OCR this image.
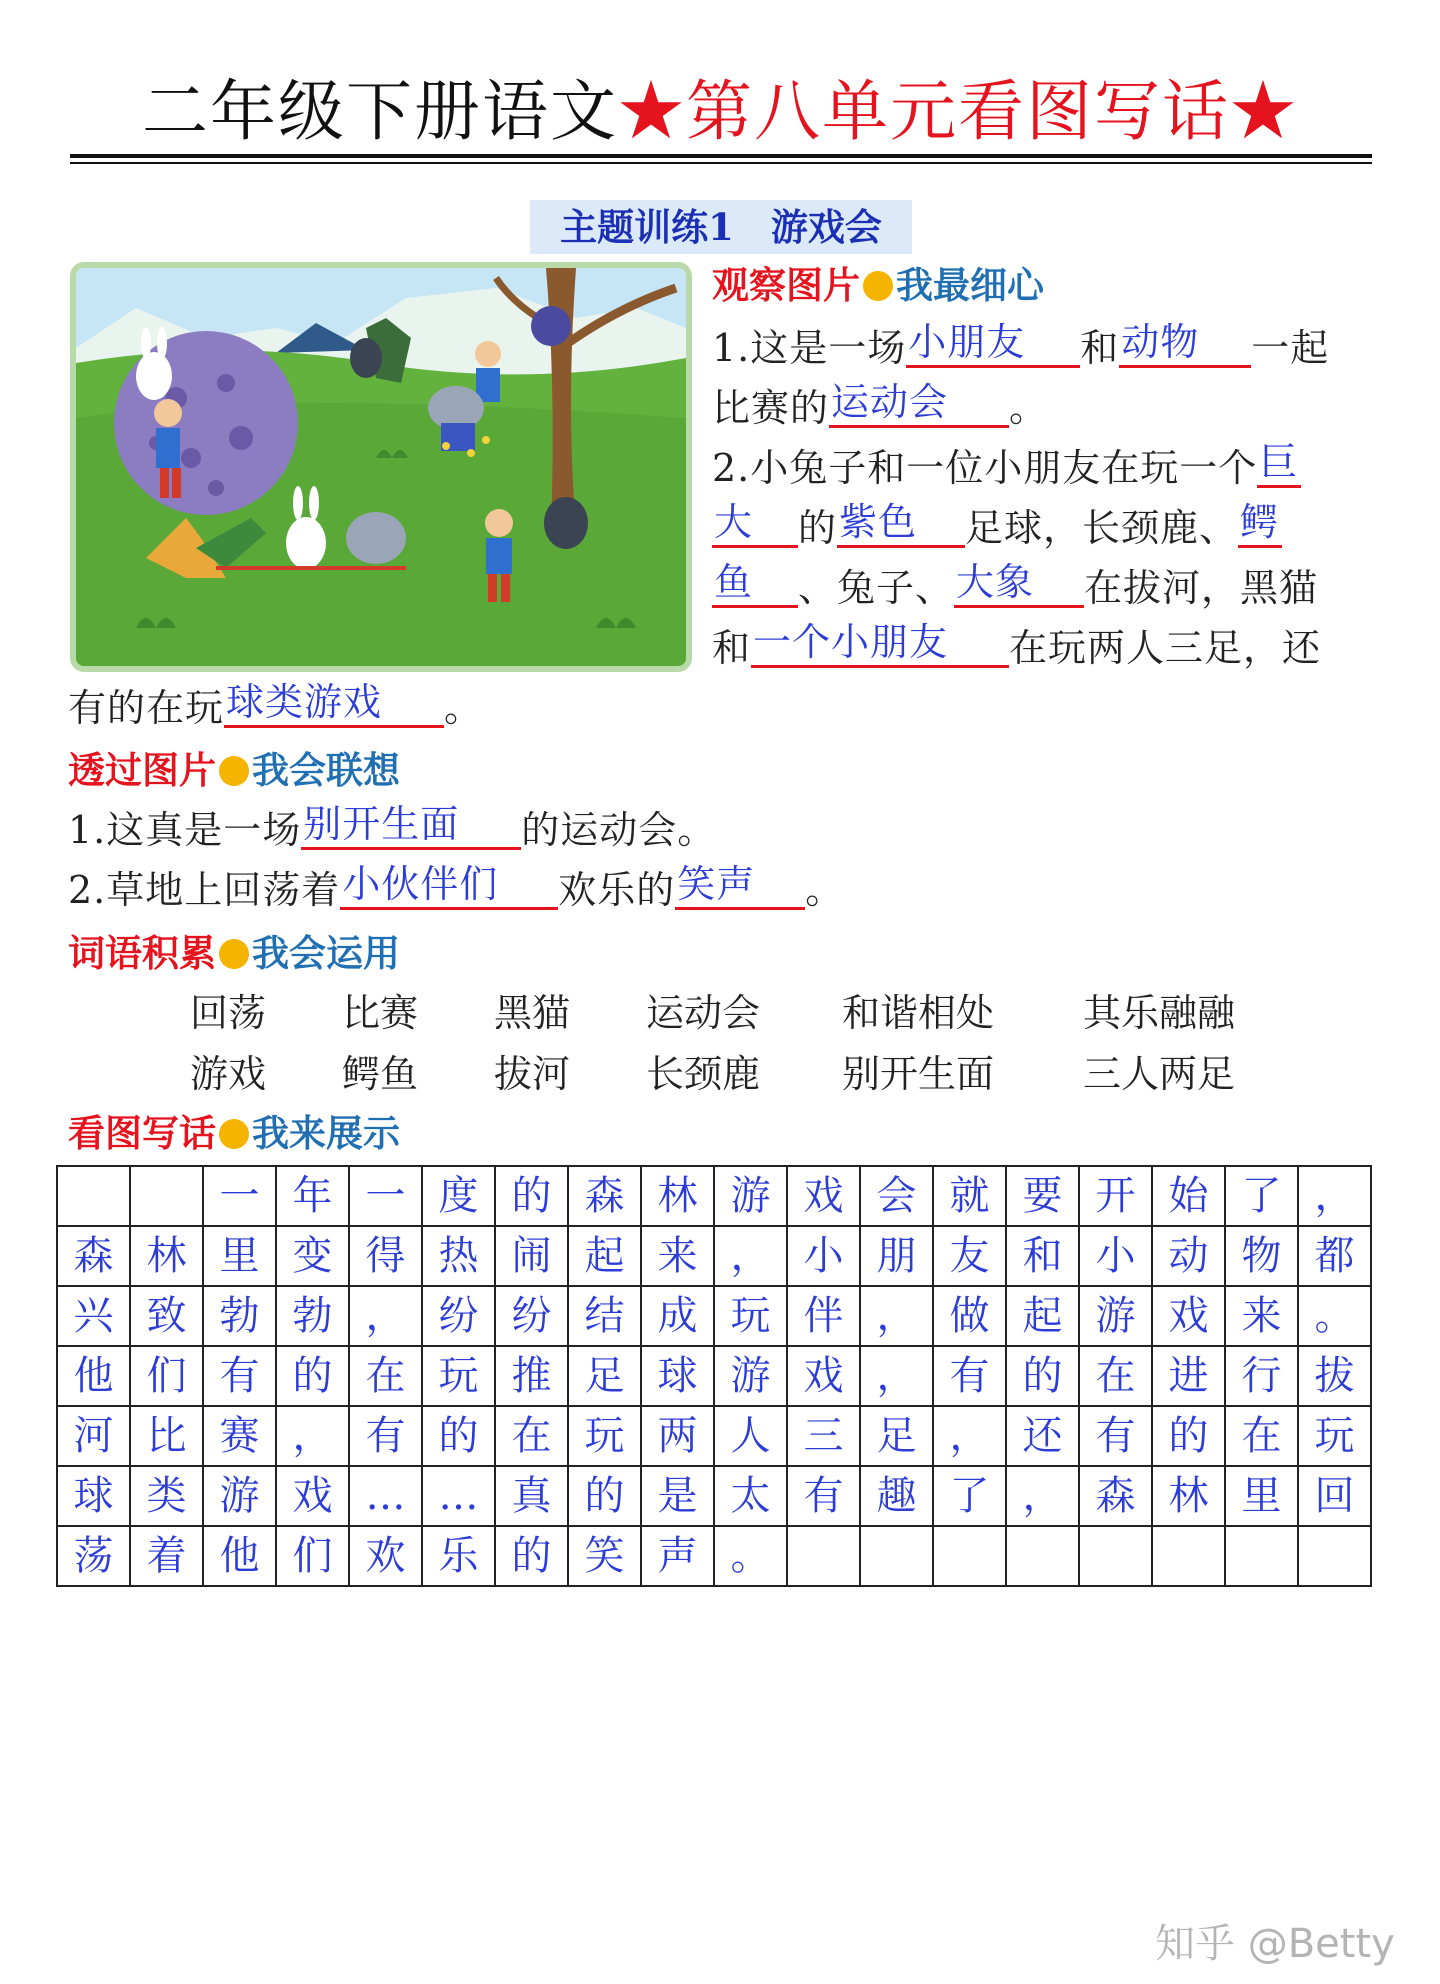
二年级下册语文★第八单元看图写话★
主题训练1　游戏会
观察图片 我最细心
1.这是一场小朋友 和动物 一起
比赛的运动会 。
2.小兔子和一位小朋友在玩一个巨
大 的紫色 足球，长颈鹿、鳄
鱼 、兔子、大象 在拔河，黑猫
和一个小朋友 在玩两人三足，还
有的在玩球类游戏 。
透过图片 我会联想
1.这真是一场别开生面 的运动会。
2.草地上回荡着小伙伴们 欢乐的笑声 。
词语积累 我会运用
回荡 比赛 黑猫 运动会 和谐相处 其乐融融
游戏 鳄鱼 拔河 长颈鹿 别开生面 三人两足
看图写话 我来展示
		一	年	一	度	的	森	林	游	戏	会	就	要	开	始	了	，
森	林	里	变	得	热	闹	起	来	，	小	朋	友	和	小	动	物	都
兴	致	勃	勃	，	纷	纷	结	成	玩	伴	，	做	起	游	戏	来	。
他	们	有	的	在	玩	推	足	球	游	戏	，	有	的	在	进	行	拔
河	比	赛	，	有	的	在	玩	两	人	三	足	，	还	有	的	在	玩
球	类	游	戏	…	…	真	的	是	太	有	趣	了	，	森	林	里	回
荡	着	他	们	欢	乐	的	笑	声	。								
知乎 @Betty
